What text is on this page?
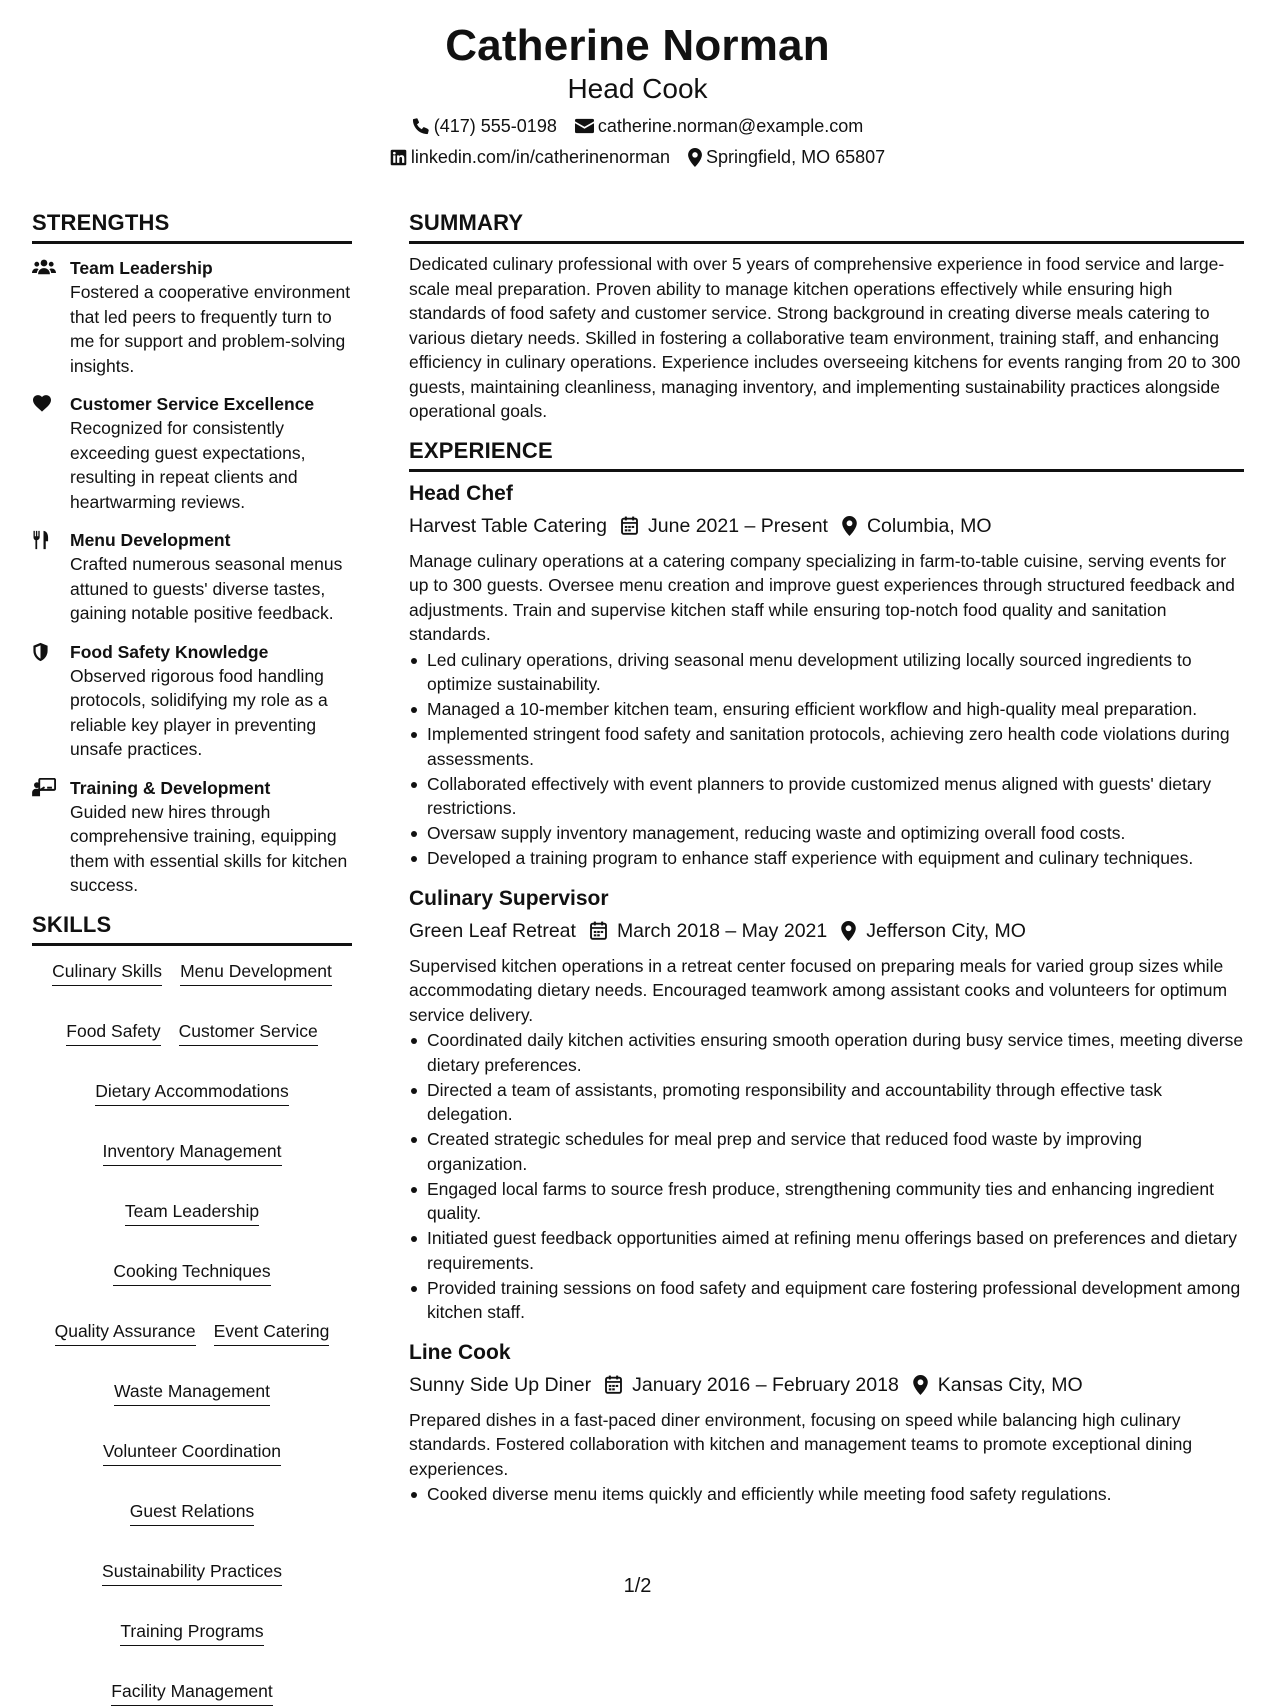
Catherine Norman
Head Cook
(417) 555-0198 catherine.norman@example.com
linkedin.com/in/catherinenorman Springfield, MO 65807
STRENGTHS
Team Leadership
Fostered a cooperative environment that led peers to frequently turn to me for support and problem-solving insights.
Customer Service Excellence
Recognized for consistently exceeding guest expectations, resulting in repeat clients and heartwarming reviews.
Menu Development
Crafted numerous seasonal menus attuned to guests' diverse tastes, gaining notable positive feedback.
Food Safety Knowledge
Observed rigorous food handling protocols, solidifying my role as a reliable key player in preventing unsafe practices.
Training & Development
Guided new hires through comprehensive training, equipping them with essential skills for kitchen success.
SKILLS
Culinary Skills Menu Development
Food Safety Customer Service
Dietary Accommodations
Inventory Management
Team Leadership
Cooking Techniques
Quality Assurance Event Catering
Waste Management
Volunteer Coordination
Guest Relations
Sustainability Practices
Training Programs
Facility Management
SUMMARY

Dedicated culinary professional with over 5 years of comprehensive experience in food service and large-scale meal preparation. Proven ability to manage kitchen operations effectively while ensuring high standards of food safety and customer service. Strong background in creating diverse meals catering to various dietary needs. Skilled in fostering a collaborative team environment, training staff, and enhancing efficiency in culinary operations. Experience includes overseeing kitchens for events ranging from 20 to 300 guests, maintaining cleanliness, managing inventory, and implementing sustainability practices alongside operational goals.

EXPERIENCE
Head Chef
Harvest Table Catering June 2021 – Present Columbia, MO

Manage culinary operations at a catering company specializing in farm-to-table cuisine, serving events for up to 300 guests. Oversee menu creation and improve guest experiences through structured feedback and adjustments. Train and supervise kitchen staff while ensuring top-notch food quality and sanitation standards.

Led culinary operations, driving seasonal menu development utilizing locally sourced ingredients to optimize sustainability.
Managed a 10-member kitchen team, ensuring efficient workflow and high-quality meal preparation.
Implemented stringent food safety and sanitation protocols, achieving zero health code violations during assessments.
Collaborated effectively with event planners to provide customized menus aligned with guests' dietary restrictions.
Oversaw supply inventory management, reducing waste and optimizing overall food costs.
Developed a training program to enhance staff experience with equipment and culinary techniques.
Culinary Supervisor
Green Leaf Retreat March 2018 – May 2021 Jefferson City, MO

Supervised kitchen operations in a retreat center focused on preparing meals for varied group sizes while accommodating dietary needs. Encouraged teamwork among assistant cooks and volunteers for optimum service delivery.

Coordinated daily kitchen activities ensuring smooth operation during busy service times, meeting diverse dietary preferences.
Directed a team of assistants, promoting responsibility and accountability through effective task delegation.
Created strategic schedules for meal prep and service that reduced food waste by improving organization.
Engaged local farms to source fresh produce, strengthening community ties and enhancing ingredient quality.
Initiated guest feedback opportunities aimed at refining menu offerings based on preferences and dietary requirements.
Provided training sessions on food safety and equipment care fostering professional development among kitchen staff.
Line Cook
Sunny Side Up Diner January 2016 – February 2018 Kansas City, MO

Prepared dishes in a fast-paced diner environment, focusing on speed while balancing high culinary standards. Fostered collaboration with kitchen and management teams to promote exceptional dining experiences.

Cooked diverse menu items quickly and efficiently while meeting food safety regulations.
1/2
